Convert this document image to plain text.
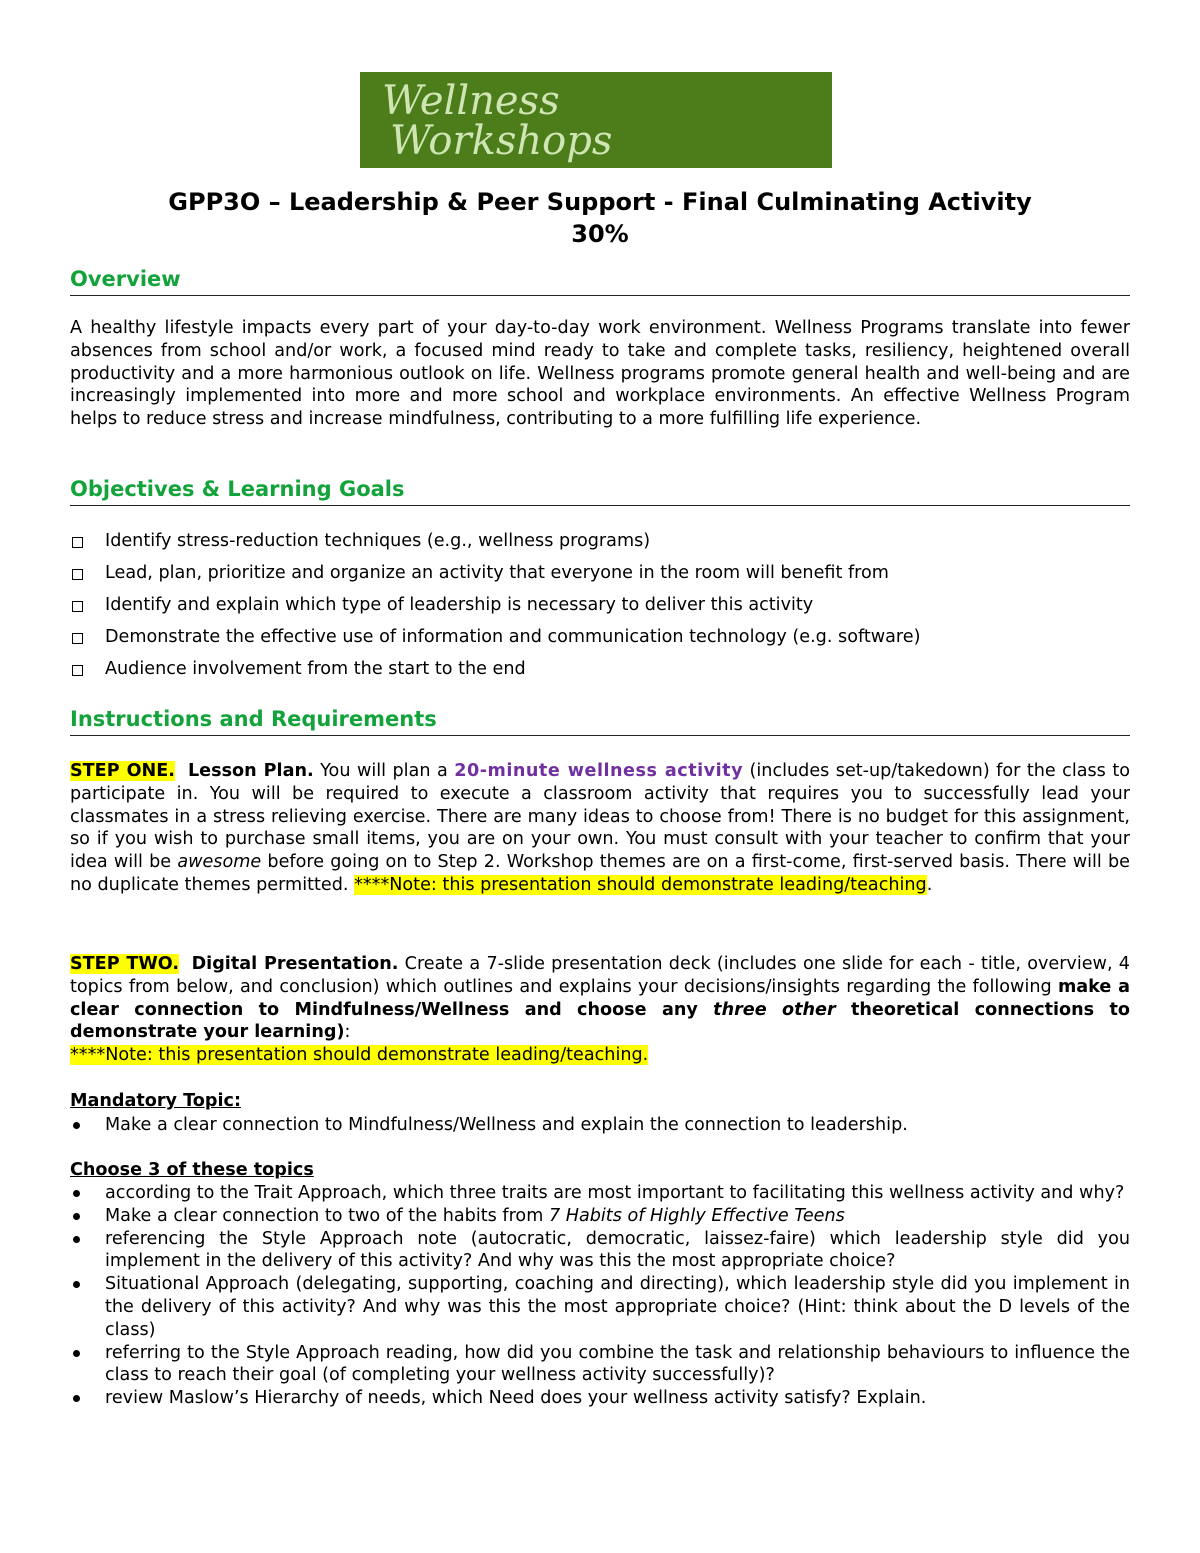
Wellness
Workshops
GPP3O – Leadership & Peer Support - Final Culminating Activity
30%
Overview

A healthy lifestyle impacts every part of your day-to-day work environment. Wellness Programs translate into fewer absences from school and/or work, a focused mind ready to take and complete tasks, resiliency, heightened overall productivity and a more harmonious outlook on life. Wellness programs promote general health and well-being and are increasingly implemented into more and more school and workplace environments. An effective Wellness Program helps to reduce stress and increase mindfulness, contributing to a more fulfilling life experience.

Objectives & Learning Goals
Identify stress-reduction techniques (e.g., wellness programs)
Lead, plan, prioritize and organize an activity that everyone in the room will benefit from
Identify and explain which type of leadership is necessary to deliver this activity
Demonstrate the effective use of information and communication technology (e.g. software)
Audience involvement from the start to the end
Instructions and Requirements

STEP ONE. Lesson Plan. You will plan a 20-minute wellness activity (includes set-up/takedown) for the class to participate in. You will be required to execute a classroom activity that requires you to successfully lead your classmates in a stress relieving exercise. There are many ideas to choose from! There is no budget for this assignment, so if you wish to purchase small items, you are on your own. You must consult with your teacher to confirm that your idea will be awesome before going on to Step 2. Workshop themes are on a first-come, first-served basis. There will be no duplicate themes permitted. ****Note: this presentation should demonstrate leading/teaching.

STEP TWO. Digital Presentation. Create a 7-slide presentation deck (includes one slide for each - title, overview, 4 topics from below, and conclusion) which outlines and explains your decisions/insights regarding the following make a clear connection to Mindfulness/Wellness and choose any three other theoretical connections to demonstrate your learning):
****Note: this presentation should demonstrate leading/teaching.

Mandatory Topic:
Make a clear connection to Mindfulness/Wellness and explain the connection to leadership.
Choose 3 of these topics
according to the Trait Approach, which three traits are most important to facilitating this wellness activity and why?
Make a clear connection to two of the habits from 7 Habits of Highly Effective Teens
referencing the Style Approach note (autocratic, democratic, laissez-faire) which leadership style did you implement in the delivery of this activity? And why was this the most appropriate choice?
Situational Approach (delegating, supporting, coaching and directing), which leadership style did you implement in the delivery of this activity? And why was this the most appropriate choice? (Hint: think about the D levels of the class)
referring to the Style Approach reading, how did you combine the task and relationship behaviours to influence the class to reach their goal (of completing your wellness activity successfully)?
review Maslow’s Hierarchy of needs, which Need does your wellness activity satisfy? Explain.
